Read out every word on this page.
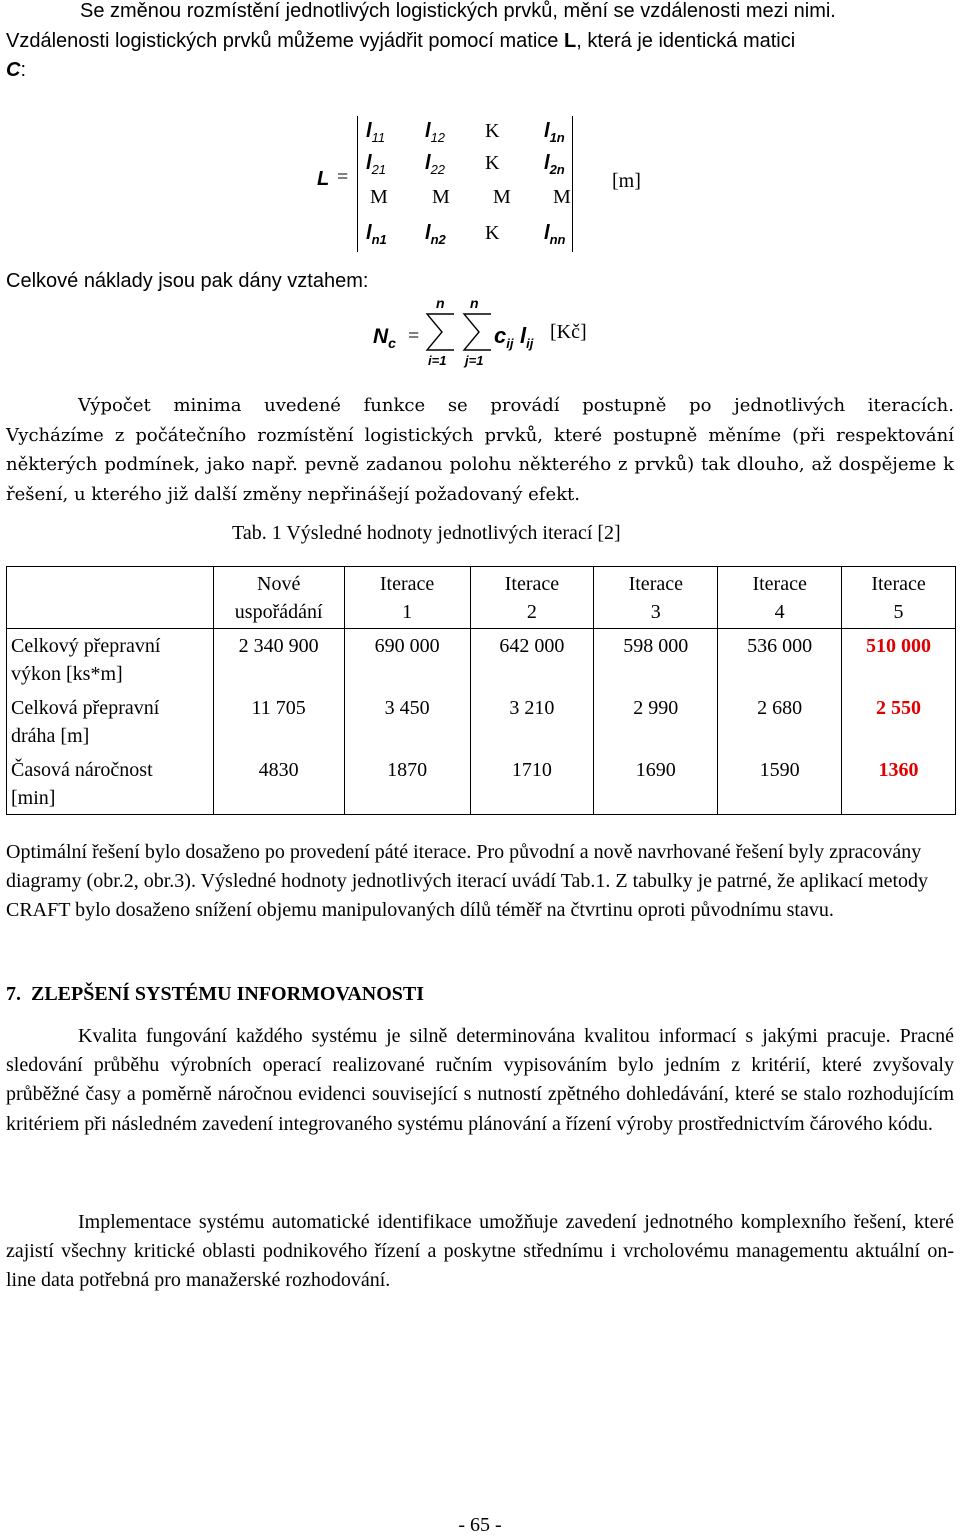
Se změnou rozmístění jednotlivých logistických prvků, mění se vzdálenosti mezi nimi.
Vzdálenosti logistických prvků můžeme vyjádřit pomocí matice L, která je identická matici
C:
L =
$l_{11}$	$l_{12}$	K	$l_{1n}$
$l_{21}$	$l_{22}$	K	$l_{2n}$
M	M	M	M
$l_{n1}$	$l_{n2}$	K	$l_{nn}$
[m]
Celkové náklady jsou pak dány vztahem:
$N_c$ =
n
i=1
n
j=1
$c_{ij}$ $l_{ij}$
[Kč]
Výpočet minima uvedené funkce se provádí postupně po jednotlivých iteracích.
Vycházíme z počátečního rozmístění logistických prvků, které postupně měníme (při respektování některých podmínek, jako např. pevně zadanou polohu některého z prvků) tak dlouho, až dospějeme k řešení, u kterého již další změny nepřinášejí požadovaný efekt.
Tab. 1 Výsledné hodnoty jednotlivých iterací [2]
	Nové
uspořádání	Iterace
1	Iterace
2	Iterace
3	Iterace
4	Iterace
5
Celkový přepravní
výkon [ks*m]	2 340 900	690 000	642 000	598 000	536 000	510 000
Celková přepravní
dráha [m]	11 705	3 450	3 210	2 990	2 680	2 550
Časová náročnost
[min]	4830	1870	1710	1690	1590	1360
Optimální řešení bylo dosaženo po provedení páté iterace. Pro původní a nově navrhované řešení byly zpracovány diagramy (obr.2, obr.3). Výsledné hodnoty jednotlivých iterací uvádí Tab.1. Z tabulky je patrné, že aplikací metody CRAFT bylo dosaženo snížení objemu manipulovaných dílů téměř na čtvrtinu oproti původnímu stavu.
7.  ZLEPŠENÍ SYSTÉMU INFORMOVANOSTI
Kvalita fungování každého systému je silně determinována kvalitou informací s jakými pracuje. Pracné sledování průběhu výrobních operací realizované ručním vypisováním bylo jedním z kritérií, které zvyšovaly průběžné časy a poměrně náročnou evidenci související s nutností zpětného dohledávání, které se stalo rozhodujícím kritériem při následném zavedení integrovaného systému plánování a řízení výroby prostřednictvím čárového kódu.
Implementace systému automatické identifikace umožňuje zavedení jednotného komplexního řešení, které zajistí všechny kritické oblasti podnikového řízení a poskytne střednímu i vrcholovému managementu aktuální on-line data potřebná pro manažerské rozhodování.
- 65 -
